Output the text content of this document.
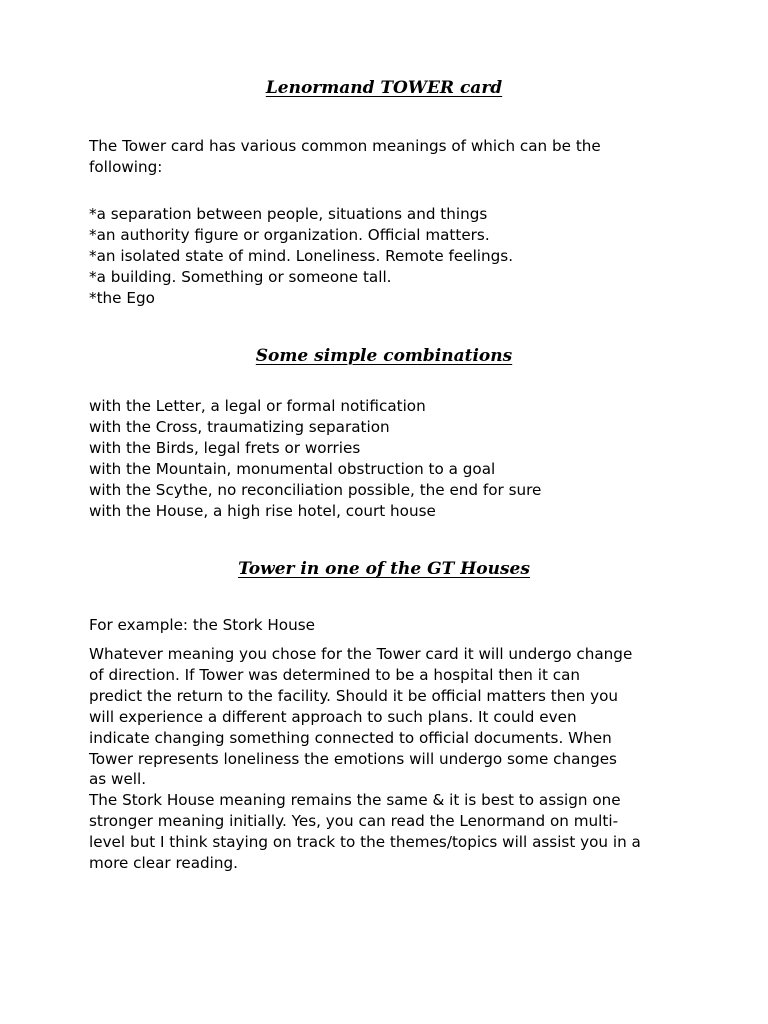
Lenormand TOWER card

The Tower card has various common meanings of which can be the
following:

*a separation between people, situations and things
*an authority figure or organization. Official matters.
*an isolated state of mind. Loneliness. Remote feelings.
*a building. Something or someone tall.
*the Ego
Some simple combinations
with the Letter, a legal or formal notification
with the Cross, traumatizing separation
with the Birds, legal frets or worries
with the Mountain, monumental obstruction to a goal
with the Scythe, no reconciliation possible, the end for sure
with the House, a high rise hotel, court house
Tower in one of the GT Houses

For example: the Stork House

Whatever meaning you chose for the Tower card it will undergo change
of direction. If Tower was determined to be a hospital then it can
predict the return to the facility. Should it be official matters then you
will experience a different approach to such plans. It could even
indicate changing something connected to official documents. When
Tower represents loneliness the emotions will undergo some changes
as well.
The Stork House meaning remains the same & it is best to assign one
stronger meaning initially. Yes, you can read the Lenormand on multi-
level but I think staying on track to the themes/topics will assist you in a
more clear reading.
